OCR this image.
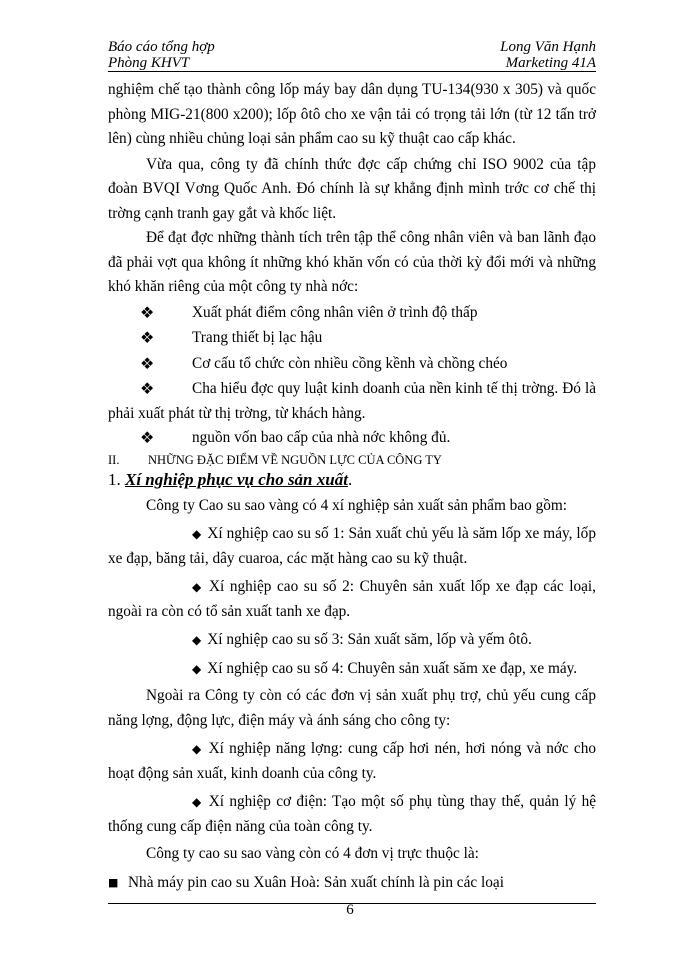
Báo cáo tổng hợp	Long Văn Hạnh
Phòng KHVT	Marketing 41A

nghiệm chế tạo thành công lốp máy bay dân dụng TU-134(930 x 305) và quốc phòng MIG-21(800 x200); lốp ôtô cho xe vận tải có trọng tải lớn (từ 12 tấn trở lên) cùng nhiều chủng loại sản phẩm cao su kỹ thuật cao cấp khác.

Vừa qua, công ty đã chính thức đợc cấp chứng chỉ ISO 9002 của tập đoàn BVQI Vơng Quốc Anh. Đó chính là sự khẳng định mình trớc cơ chế thị trờng cạnh tranh gay gắt và khốc liệt.

Để đạt đợc những thành tích trên tập thể công nhân viên và ban lãnh đạo đã phải vợt qua không ít những khó khăn vốn có của thời kỳ đổi mới và những khó khăn riêng của một công ty nhà nớc:

❖ Xuất phát điểm công nhân viên ở trình độ thấp

❖ Trang thiết bị lạc hậu

❖ Cơ cấu tổ chức còn nhiều cồng kềnh và chồng chéo

❖ Cha hiểu đợc quy luật kinh doanh của nền kinh tế thị trờng. Đó là phải xuất phát từ thị trờng, từ khách hàng.

❖ nguồn vốn bao cấp của nhà nớc không đủ.

II. NHỮNG ĐẶC ĐIỂM VỀ NGUỒN LỰC CỦA CÔNG TY

1. Xí nghiệp phục vụ cho sản xuất.

Công ty Cao su sao vàng có 4 xí nghiệp sản xuất sản phẩm bao gồm:

◆ Xí nghiệp cao su số 1: Sản xuất chủ yếu là săm lốp xe máy, lốp xe đạp, băng tải, dây cuaroa, các mặt hàng cao su kỹ thuật.

◆ Xí nghiệp cao su số 2: Chuyên sản xuất lốp xe đạp các loại, ngoài ra còn có tổ sản xuất tanh xe đạp.

◆ Xí nghiệp cao su số 3: Sản xuất săm, lốp và yếm ôtô.

◆ Xí nghiệp cao su số 4: Chuyên sản xuất săm xe đạp, xe máy.

Ngoài ra Công ty còn có các đơn vị sản xuất phụ trợ, chủ yếu cung cấp năng lợng, động lực, điện máy và ánh sáng cho công ty:

◆ Xí nghiệp năng lợng: cung cấp hơi nén, hơi nóng và nớc cho hoạt động sản xuất, kinh doanh của công ty.

◆ Xí nghiệp cơ điện: Tạo một số phụ tùng thay thế, quản lý hệ thống cung cấp điện năng của toàn công ty.

Công ty cao su sao vàng còn có 4 đơn vị trực thuộc là:

■ Nhà máy pin cao su Xuân Hoà: Sản xuất chính là pin các loại

6
